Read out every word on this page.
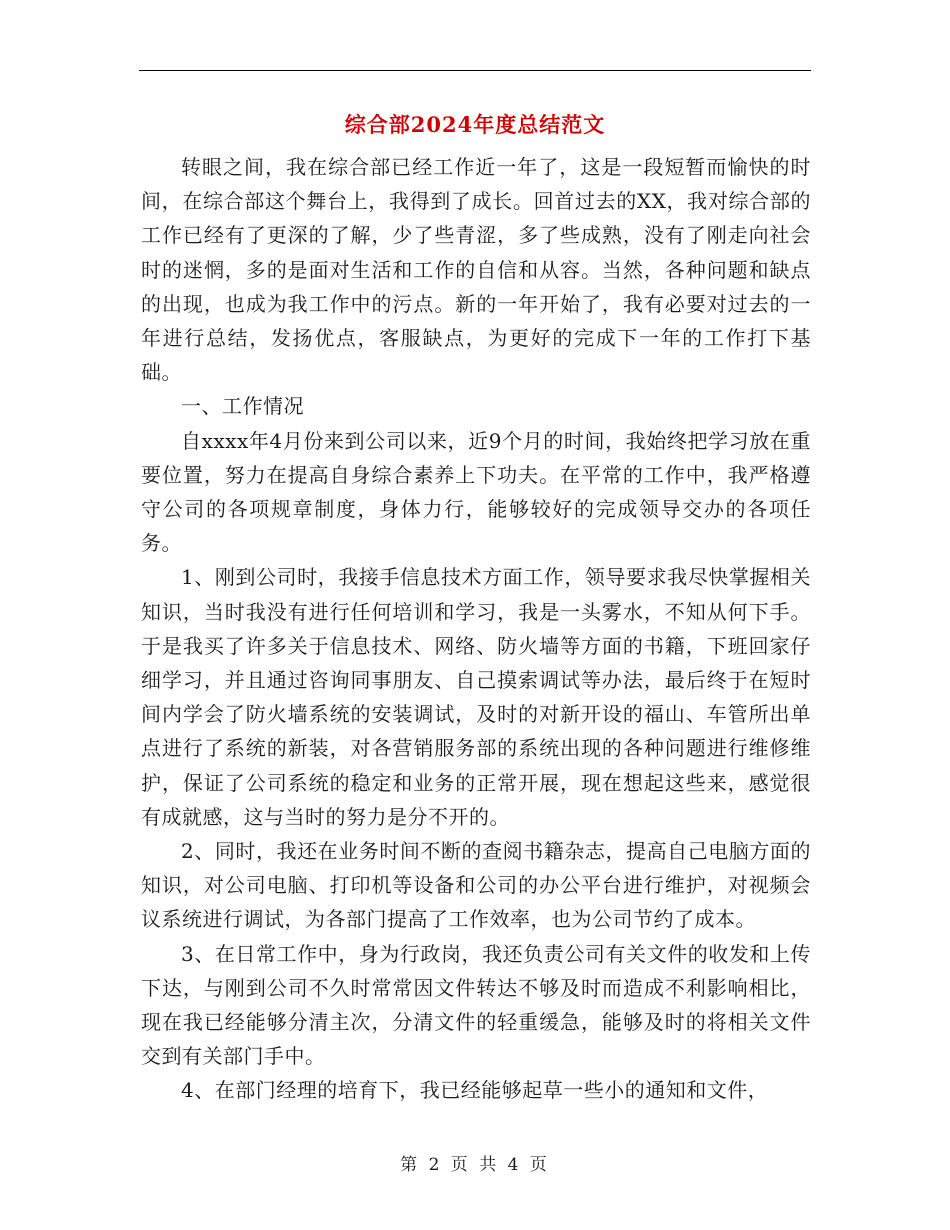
综合部2024年度总结范文

转眼之间，我在综合部已经工作近一年了，这是一段短暂而愉快的时间，在综合部这个舞台上，我得到了成长。回首过去的XX，我对综合部的工作已经有了更深的了解，少了些青涩，多了些成熟，没有了刚走向社会时的迷惘，多的是面对生活和工作的自信和从容。当然，各种问题和缺点的出现，也成为我工作中的污点。新的一年开始了，我有必要对过去的一年进行总结，发扬优点，客服缺点，为更好的完成下一年的工作打下基础。

一、工作情况

自xxxx年4月份来到公司以来，近9个月的时间，我始终把学习放在重要位置，努力在提高自身综合素养上下功夫。在平常的工作中，我严格遵守公司的各项规章制度，身体力行，能够较好的完成领导交办的各项任务。

1、刚到公司时，我接手信息技术方面工作，领导要求我尽快掌握相关知识，当时我没有进行任何培训和学习，我是一头雾水，不知从何下手。于是我买了许多关于信息技术、网络、防火墙等方面的书籍，下班回家仔细学习，并且通过咨询同事朋友、自己摸索调试等办法，最后终于在短时间内学会了防火墙系统的安装调试，及时的对新开设的福山、车管所出单点进行了系统的新装，对各营销服务部的系统出现的各种问题进行维修维护，保证了公司系统的稳定和业务的正常开展，现在想起这些来，感觉很有成就感，这与当时的努力是分不开的。

2、同时，我还在业务时间不断的查阅书籍杂志，提高自己电脑方面的知识，对公司电脑、打印机等设备和公司的办公平台进行维护，对视频会议系统进行调试，为各部门提高了工作效率，也为公司节约了成本。

3、在日常工作中，身为行政岗，我还负责公司有关文件的收发和上传下达，与刚到公司不久时常常因文件转达不够及时而造成不利影响相比，现在我已经能够分清主次，分清文件的轻重缓急，能够及时的将相关文件交到有关部门手中。

4、在部门经理的培育下，我已经能够起草一些小的通知和文件，

第 2 页 共 4 页
